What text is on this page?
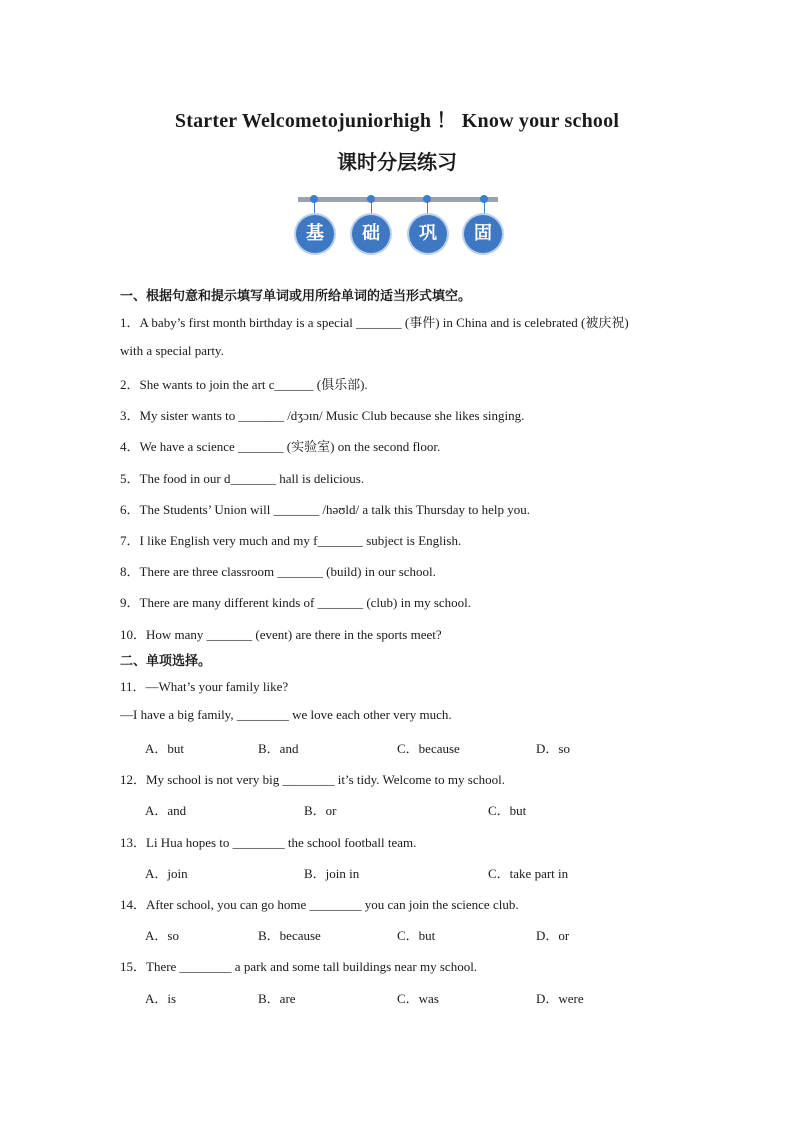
Starter Welcometojuniorhigh ！ Know your school
课时分层练习
基	础	巩	固
一、根据句意和提示填写单词或用所给单词的适当形式填空。
1．A baby’s first month birthday is a special _______ (事件) in China and is celebrated (被庆祝)
with a special party.
2．She wants to join the art c______ (俱乐部).
3．My sister wants to _______ /dʒɔɪn/ Music Club because she likes singing.
4．We have a science _______ (实验室) on the second floor.
5．The food in our d_______ hall is delicious.
6．The Students’ Union will _______ /həʊld/ a talk this Thursday to help you.
7．I like English very much and my f_______ subject is English.
8．There are three classroom _______ (build) in our school.
9．There are many different kinds of _______ (club) in my school.
10．How many _______ (event) are there in the sports meet?
二、单项选择。
11．—What’s your family like?
—I have a big family, ________ we love each other very much.
A．but	B．and	C．because	D．so
12．My school is not very big ________ it’s tidy. Welcome to my school.
A．and	B．or	C．but
13．Li Hua hopes to ________ the school football team.
A．join	B．join in	C．take part in
14．After school, you can go home ________ you can join the science club.
A．so	B．because	C．but	D．or
15．There ________ a park and some tall buildings near my school.
A．is	B．are	C．was	D．were
